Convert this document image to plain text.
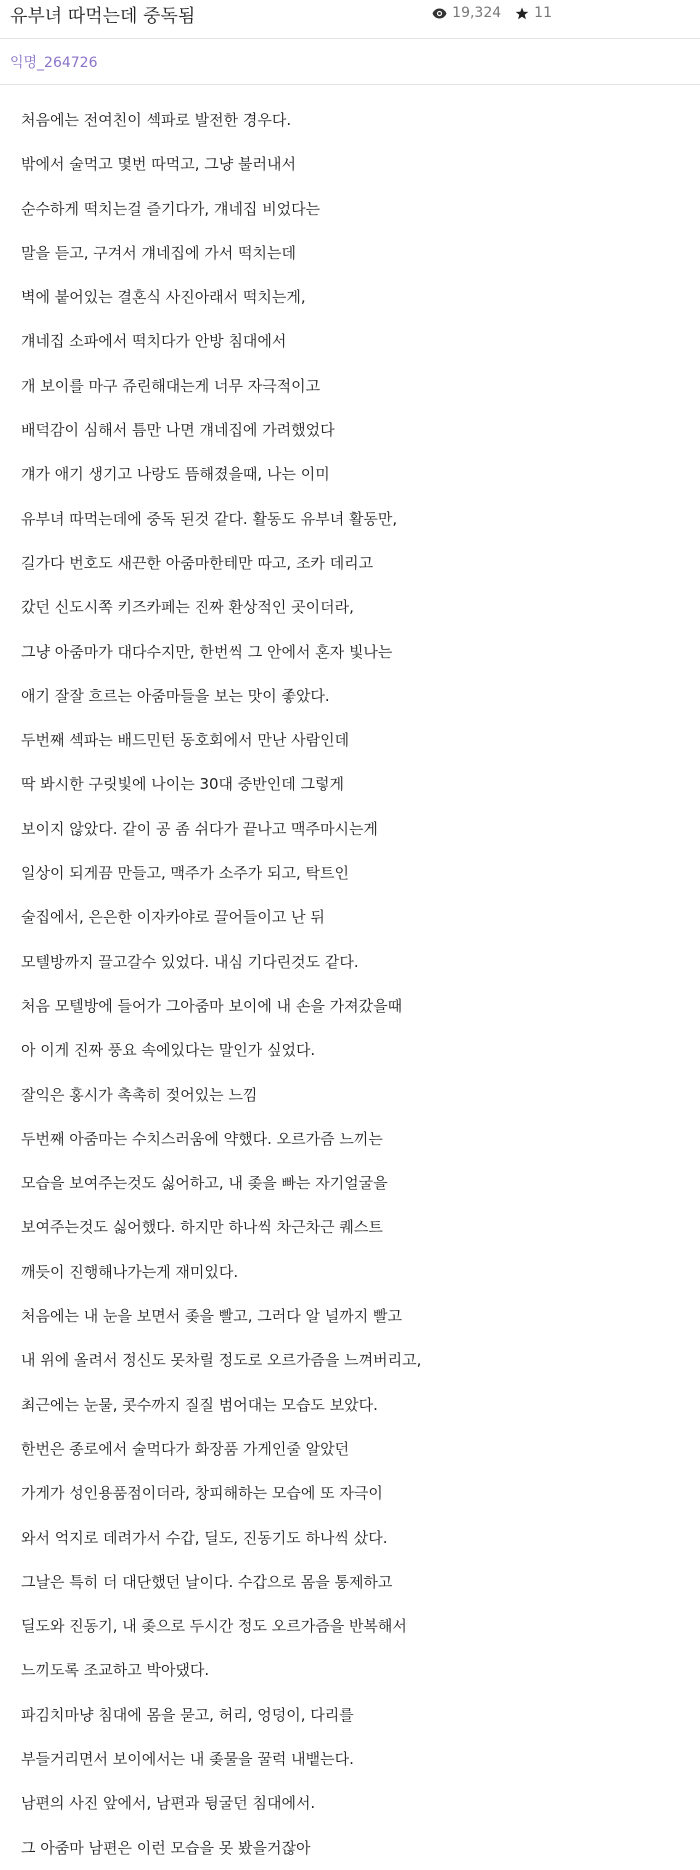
유부녀 따먹는데 중독됨	19,324 11
익명_264726
처음에는 전여친이 섹파로 발전한 경우다.
밖에서 술먹고 몇번 따먹고, 그냥 불러내서
순수하게 떡치는걸 즐기다가, 걔네집 비었다는
말을 듣고, 구겨서 걔네집에 가서 떡치는데
벽에 붙어있는 결혼식 사진아래서 떡치는게,
걔네집 소파에서 떡치다가 안방 침대에서
개 보이를 마구 쥬린해대는게 너무 자극적이고
배덕감이 심해서 틈만 나면 걔네집에 가려했었다
걔가 애기 생기고 나랑도 뜸해졌을때, 나는 이미
유부녀 따먹는데에 중독 된것 같다. 활동도 유부녀 활동만,
길가다 번호도 새끈한 아줌마한테만 따고, 조카 데리고
갔던 신도시쪽 키즈카페는 진짜 환상적인 곳이더라,
그냥 아줌마가 대다수지만, 한번씩 그 안에서 혼자 빛나는
애기 잘잘 흐르는 아줌마들을 보는 맛이 좋았다.
두번째 섹파는 배드민턴 동호회에서 만난 사람인데
딱 봐시한 구릿빛에 나이는 30대 중반인데 그렇게
보이지 않았다. 같이 공 좀 쉬다가 끝나고 맥주마시는게
일상이 되게끔 만들고, 맥주가 소주가 되고, 탁트인
술집에서, 은은한 이자카야로 끌어들이고 난 뒤
모텔방까지 끌고갈수 있었다. 내심 기다린것도 같다.
처음 모텔방에 들어가 그아줌마 보이에 내 손을 가져갔을때
아 이게 진짜 풍요 속에있다는 말인가 싶었다.
잘익은 홍시가 촉촉히 젖어있는 느낌
두번째 아줌마는 수치스러움에 약했다. 오르가즘 느끼는
모습을 보여주는것도 싫어하고, 내 좆을 빠는 자기얼굴을
보여주는것도 싫어했다. 하지만 하나씩 차근차근 퀘스트
깨듯이 진행해나가는게 재미있다.
처음에는 내 눈을 보면서 좆을 빨고, 그러다 알 널까지 빨고
내 위에 올려서 정신도 못차릴 정도로 오르가즘을 느껴버리고,
최근에는 눈물, 콧수까지 질질 범어대는 모습도 보았다.
한번은 종로에서 술먹다가 화장품 가게인줄 알았던
가게가 성인용품점이더라, 창피해하는 모습에 또 자극이
와서 억지로 데려가서 수갑, 딜도, 진동기도 하나씩 샀다.
그날은 특히 더 대단했던 날이다. 수갑으로 몸을 통제하고
딜도와 진동기, 내 좆으로 두시간 정도 오르가즘을 반복해서
느끼도록 조교하고 박아댔다.
파김치마냥 침대에 몸을 묻고, 허리, 엉덩이, 다리를
부들거리면서 보이에서는 내 좆물을 꿀럭 내뱉는다.
남편의 사진 앞에서, 남편과 뒹굴던 침대에서.
그 아줌마 남편은 이런 모습을 못 봤을거잖아
